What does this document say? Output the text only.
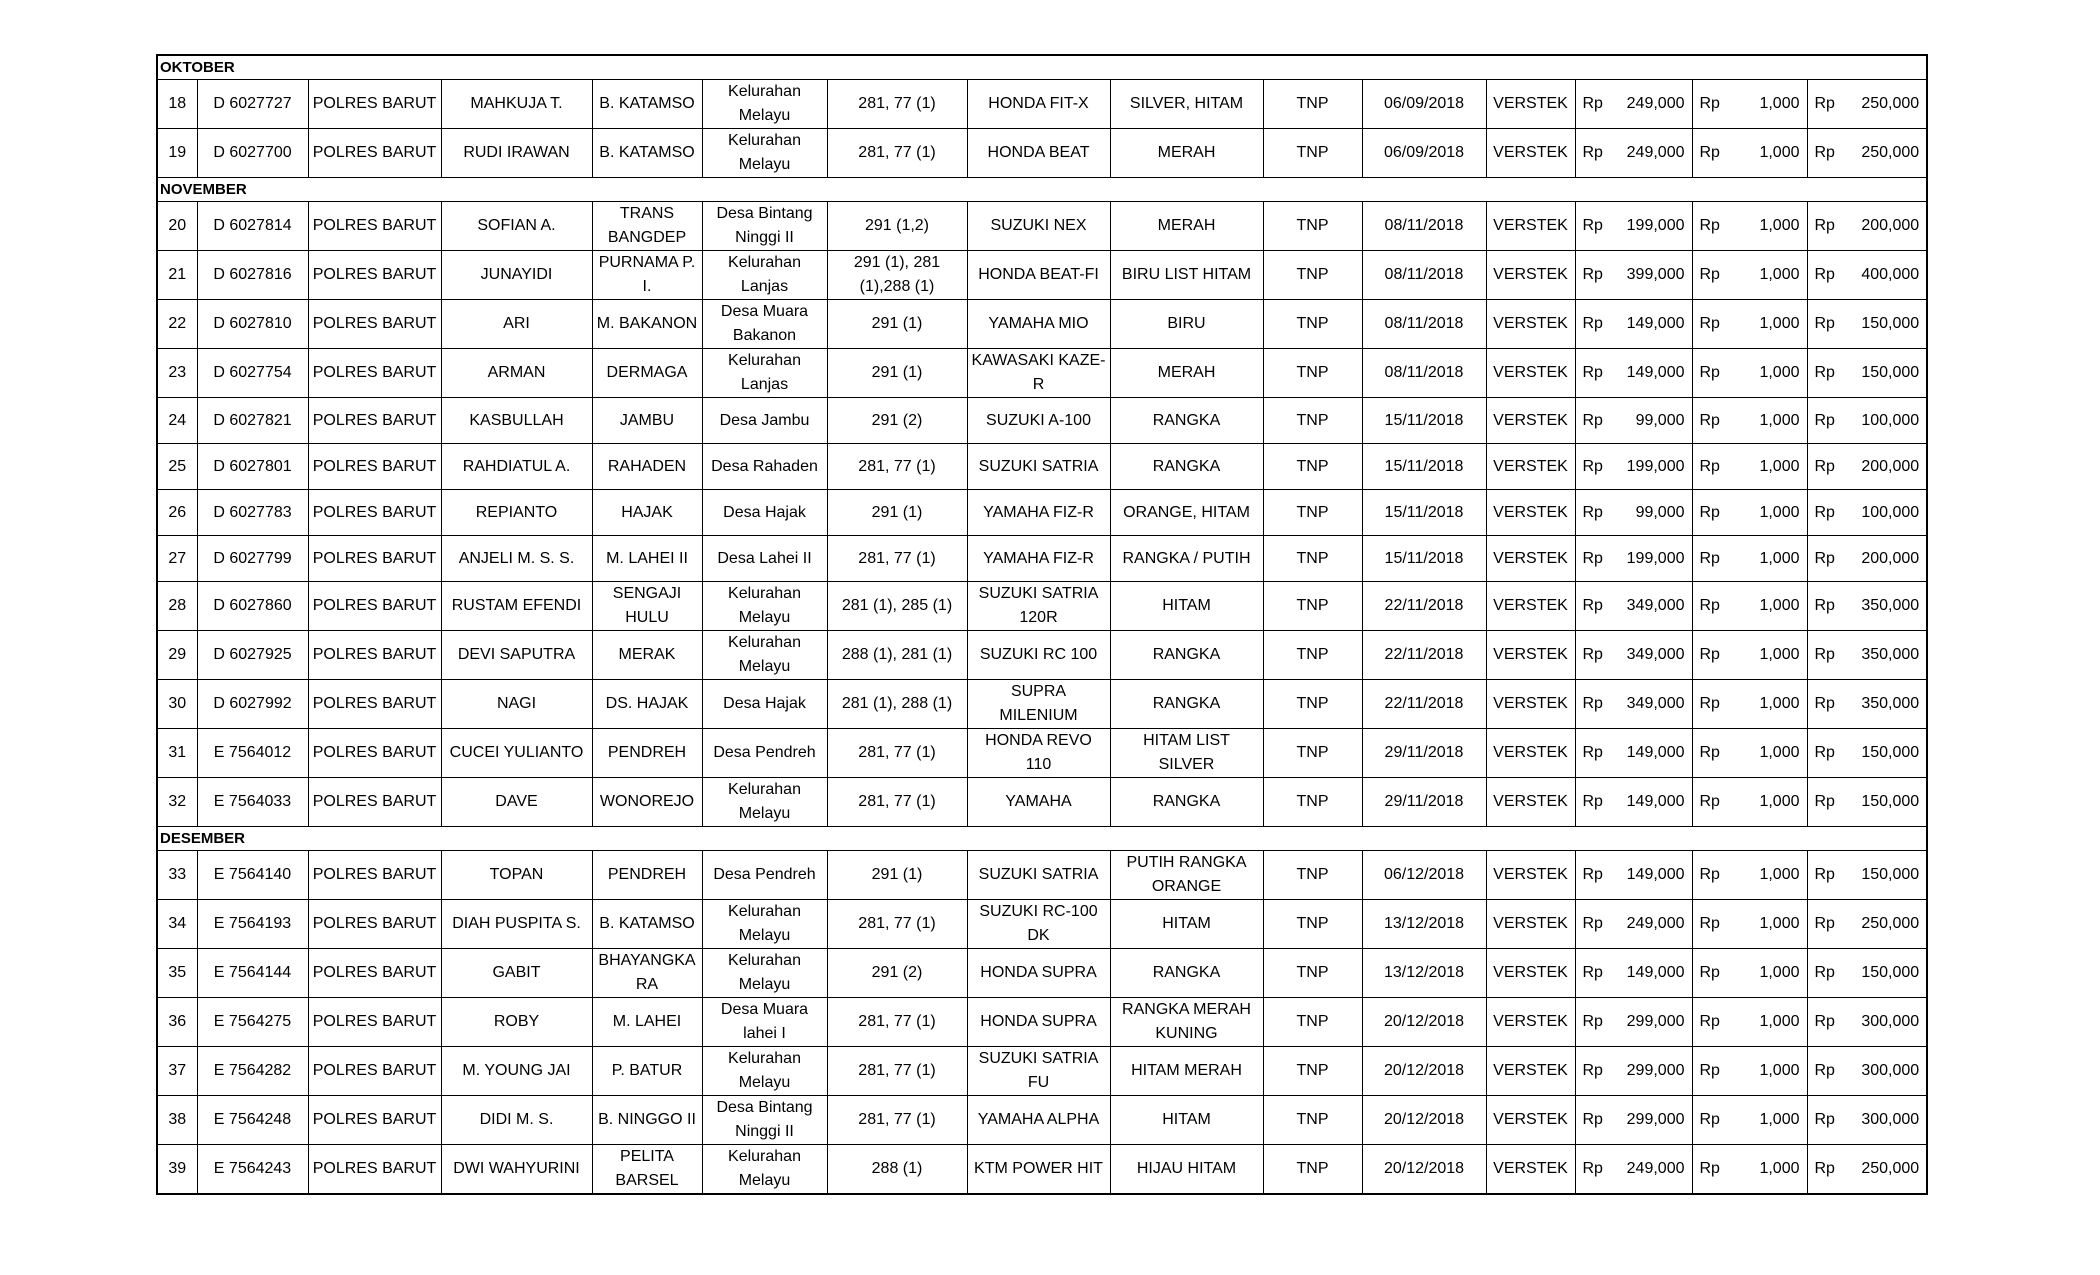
OKTOBER														
18	D 6027727	POLRES BARUT	MAHKUJA T.	B. KATAMSO	Kelurahan Melayu	281, 77 (1)	HONDA FIT-X	SILVER, HITAM	TNP	06/09/2018	VERSTEK	Rp 249,000	Rp 1,000	Rp 250,000

19	D 6027700	POLRES BARUT	RUDI IRAWAN	B. KATAMSO	Kelurahan Melayu	281, 77 (1)	HONDA BEAT	MERAH	TNP	06/09/2018	VERSTEK	Rp 249,000	Rp 1,000	Rp 250,000

NOVEMBER														
20	D 6027814	POLRES BARUT	SOFIAN A.	TRANS BANGDEP	Desa Bintang Ninggi II	291 (1,2)	SUZUKI NEX	MERAH	TNP	08/11/2018	VERSTEK	Rp 199,000	Rp 1,000	Rp 200,000

21	D 6027816	POLRES BARUT	JUNAYIDI	PURNAMA P. I.	Kelurahan Lanjas	291 (1), 281 (1),288 (1)	HONDA BEAT-FI	BIRU LIST HITAM	TNP	08/11/2018	VERSTEK	Rp 399,000	Rp 1,000	Rp 400,000

22	D 6027810	POLRES BARUT	ARI	M. BAKANON	Desa Muara Bakanon	291 (1)	YAMAHA MIO	BIRU	TNP	08/11/2018	VERSTEK	Rp 149,000	Rp 1,000	Rp 150,000

23	D 6027754	POLRES BARUT	ARMAN	DERMAGA	Kelurahan Lanjas	291 (1)	KAWASAKI KAZE-R	MERAH	TNP	08/11/2018	VERSTEK	Rp 149,000	Rp 1,000	Rp 150,000

24	D 6027821	POLRES BARUT	KASBULLAH	JAMBU	Desa Jambu	291 (2)	SUZUKI A-100	RANGKA	TNP	15/11/2018	VERSTEK	Rp 99,000	Rp 1,000	Rp 100,000

25	D 6027801	POLRES BARUT	RAHDIATUL A.	RAHADEN	Desa Rahaden	281, 77 (1)	SUZUKI SATRIA	RANGKA	TNP	15/11/2018	VERSTEK	Rp 199,000	Rp 1,000	Rp 200,000

26	D 6027783	POLRES BARUT	REPIANTO	HAJAK	Desa Hajak	291 (1)	YAMAHA FIZ-R	ORANGE, HITAM	TNP	15/11/2018	VERSTEK	Rp 99,000	Rp 1,000	Rp 100,000

27	D 6027799	POLRES BARUT	ANJELI M. S. S.	M. LAHEI II	Desa Lahei II	281, 77 (1)	YAMAHA FIZ-R	RANGKA / PUTIH	TNP	15/11/2018	VERSTEK	Rp 199,000	Rp 1,000	Rp 200,000

28	D 6027860	POLRES BARUT	RUSTAM EFENDI	SENGAJI HULU	Kelurahan Melayu	281 (1), 285 (1)	SUZUKI SATRIA 120R	HITAM	TNP	22/11/2018	VERSTEK	Rp 349,000	Rp 1,000	Rp 350,000

29	D 6027925	POLRES BARUT	DEVI SAPUTRA	MERAK	Kelurahan Melayu	288 (1), 281 (1)	SUZUKI RC 100	RANGKA	TNP	22/11/2018	VERSTEK	Rp 349,000	Rp 1,000	Rp 350,000

30	D 6027992	POLRES BARUT	NAGI	DS. HAJAK	Desa Hajak	281 (1), 288 (1)	SUPRA MILENIUM	RANGKA	TNP	22/11/2018	VERSTEK	Rp 349,000	Rp 1,000	Rp 350,000

31	E 7564012	POLRES BARUT	CUCEI YULIANTO	PENDREH	Desa Pendreh	281, 77 (1)	HONDA REVO 110	HITAM LIST SILVER	TNP	29/11/2018	VERSTEK	Rp 149,000	Rp 1,000	Rp 150,000

32	E 7564033	POLRES BARUT	DAVE	WONOREJO	Kelurahan Melayu	281, 77 (1)	YAMAHA	RANGKA	TNP	29/11/2018	VERSTEK	Rp 149,000	Rp 1,000	Rp 150,000

DESEMBER														
33	E 7564140	POLRES BARUT	TOPAN	PENDREH	Desa Pendreh	291 (1)	SUZUKI SATRIA	PUTIH RANGKA ORANGE	TNP	06/12/2018	VERSTEK	Rp 149,000	Rp 1,000	Rp 150,000

34	E 7564193	POLRES BARUT	DIAH PUSPITA S.	B. KATAMSO	Kelurahan Melayu	281, 77 (1)	SUZUKI RC-100 DK	HITAM	TNP	13/12/2018	VERSTEK	Rp 249,000	Rp 1,000	Rp 250,000

35	E 7564144	POLRES BARUT	GABIT	BHAYANGKA RA	Kelurahan Melayu	291 (2)	HONDA SUPRA	RANGKA	TNP	13/12/2018	VERSTEK	Rp 149,000	Rp 1,000	Rp 150,000

36	E 7564275	POLRES BARUT	ROBY	M. LAHEI	Desa Muara lahei I	281, 77 (1)	HONDA SUPRA	RANGKA MERAH KUNING	TNP	20/12/2018	VERSTEK	Rp 299,000	Rp 1,000	Rp 300,000

37	E 7564282	POLRES BARUT	M. YOUNG JAI	P. BATUR	Kelurahan Melayu	281, 77 (1)	SUZUKI SATRIA FU	HITAM MERAH	TNP	20/12/2018	VERSTEK	Rp 299,000	Rp 1,000	Rp 300,000

38	E 7564248	POLRES BARUT	DIDI M. S.	B. NINGGO II	Desa Bintang Ninggi II	281, 77 (1)	YAMAHA ALPHA	HITAM	TNP	20/12/2018	VERSTEK	Rp 299,000	Rp 1,000	Rp 300,000

39	E 7564243	POLRES BARUT	DWI WAHYURINI	PELITA BARSEL	Kelurahan Melayu	288 (1)	KTM POWER HIT	HIJAU HITAM	TNP	20/12/2018	VERSTEK	Rp 249,000	Rp 1,000	Rp 250,000
